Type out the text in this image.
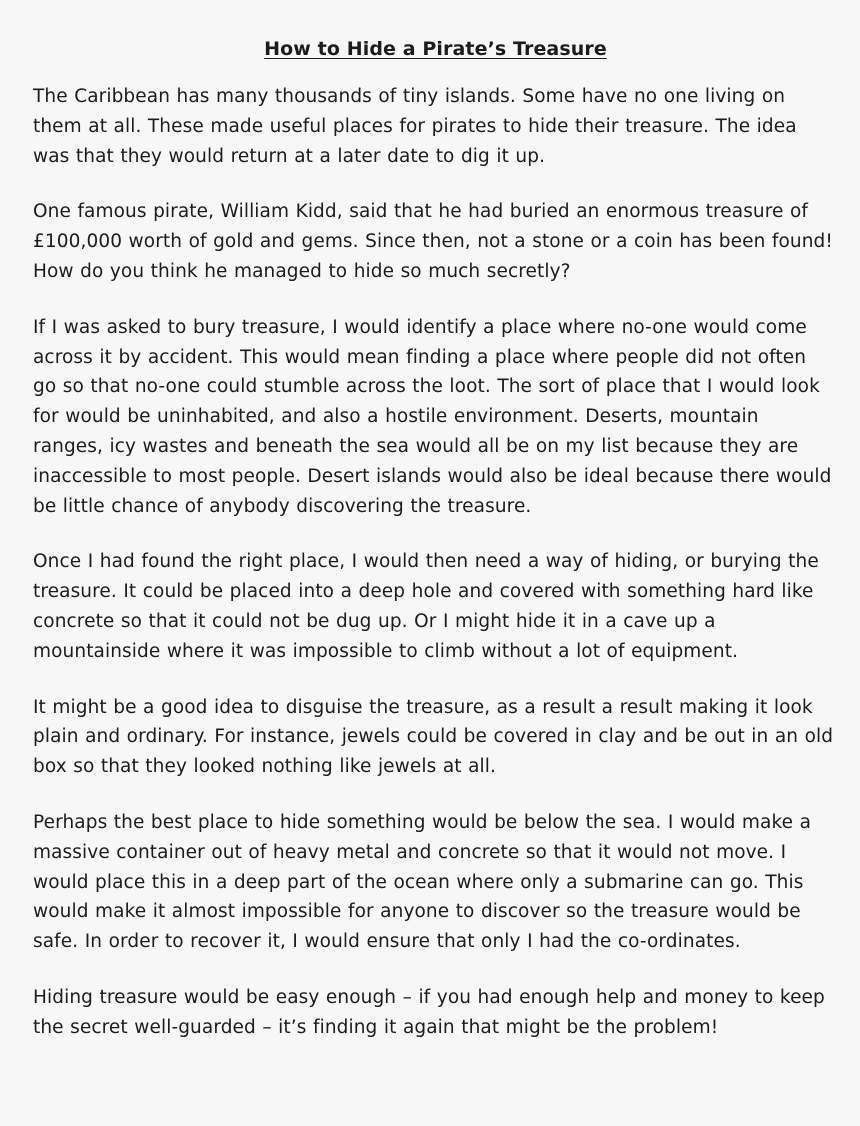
How to Hide a Pirate’s Treasure

The Caribbean has many thousands of tiny islands. Some have no one living on them at all. These made useful places for pirates to hide their treasure. The idea was that they would return at a later date to dig it up.

One famous pirate, William Kidd, said that he had buried an enormous treasure of £100,000 worth of gold and gems. Since then, not a stone or a coin has been found! How do you think he managed to hide so much secretly?

If I was asked to bury treasure, I would identify a place where no-one would come across it by accident. This would mean finding a place where people did not often go so that no-one could stumble across the loot. The sort of place that I would look for would be uninhabited, and also a hostile environment. Deserts, mountain ranges, icy wastes and beneath the sea would all be on my list because they are inaccessible to most people. Desert islands would also be ideal because there would be little chance of anybody discovering the treasure.

Once I had found the right place, I would then need a way of hiding, or burying the treasure. It could be placed into a deep hole and covered with something hard like concrete so that it could not be dug up. Or I might hide it in a cave up a mountainside where it was impossible to climb without a lot of equipment.

It might be a good idea to disguise the treasure, as a result a result making it look plain and ordinary. For instance, jewels could be covered in clay and be out in an old box so that they looked nothing like jewels at all.

Perhaps the best place to hide something would be below the sea. I would make a massive container out of heavy metal and concrete so that it would not move. I would place this in a deep part of the ocean where only a submarine can go. This would make it almost impossible for anyone to discover so the treasure would be safe. In order to recover it, I would ensure that only I had the co-ordinates.

Hiding treasure would be easy enough – if you had enough help and money to keep the secret well-guarded – it’s finding it again that might be the problem!
